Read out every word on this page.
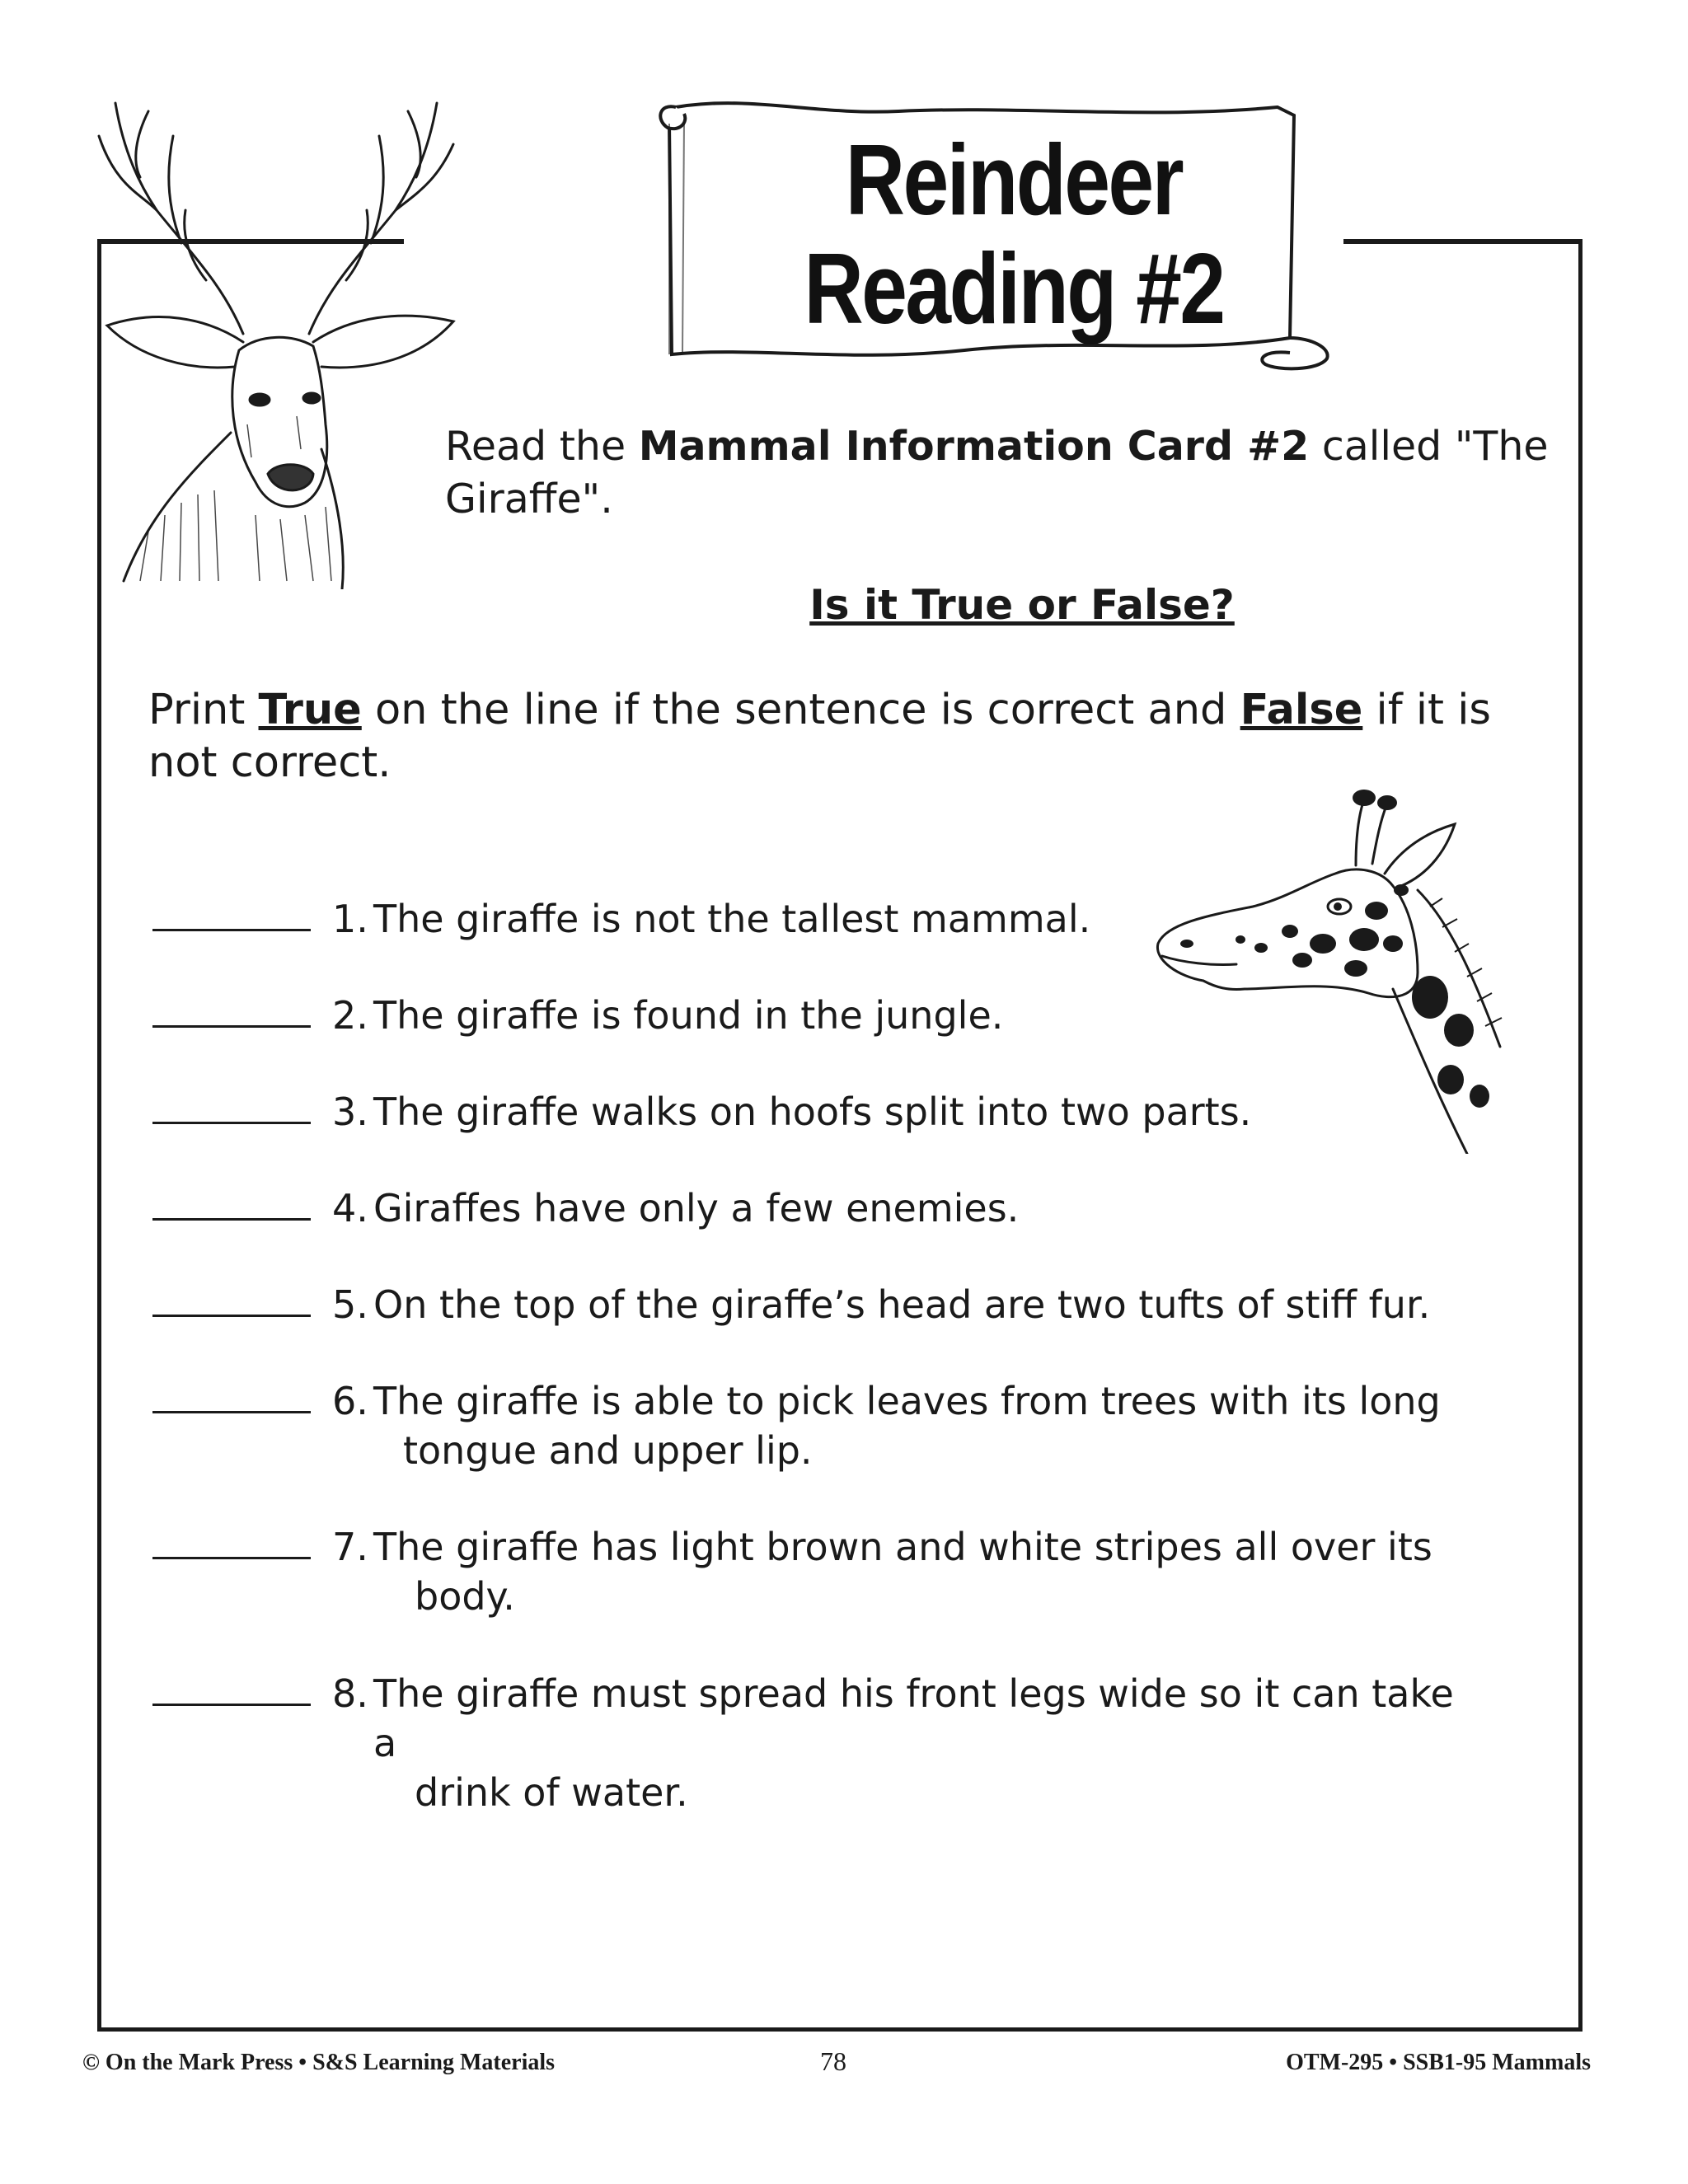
Reindeer
Reading #2
Read the Mammal Information Card #2 called "The Giraffe".
Is it True or False?
Print True on the line if the sentence is correct and False if it is not correct.
1. The giraffe is not the tallest mammal.
2. The giraffe is found in the jungle.
3. The giraffe walks on hoofs split into two parts.
4. Giraffes have only a few enemies.
5. On the top of the giraffe’s head are two tufts of stiff fur.
6. The giraffe is able to pick leaves from trees with its long
tongue and upper lip.
7. The giraffe has light brown and white stripes all over its
body.
8. The giraffe must spread his front legs wide so it can take a
drink of water.
© On the Mark Press • S&S Learning Materials	78	OTM-295 • SSB1-95 Mammals
